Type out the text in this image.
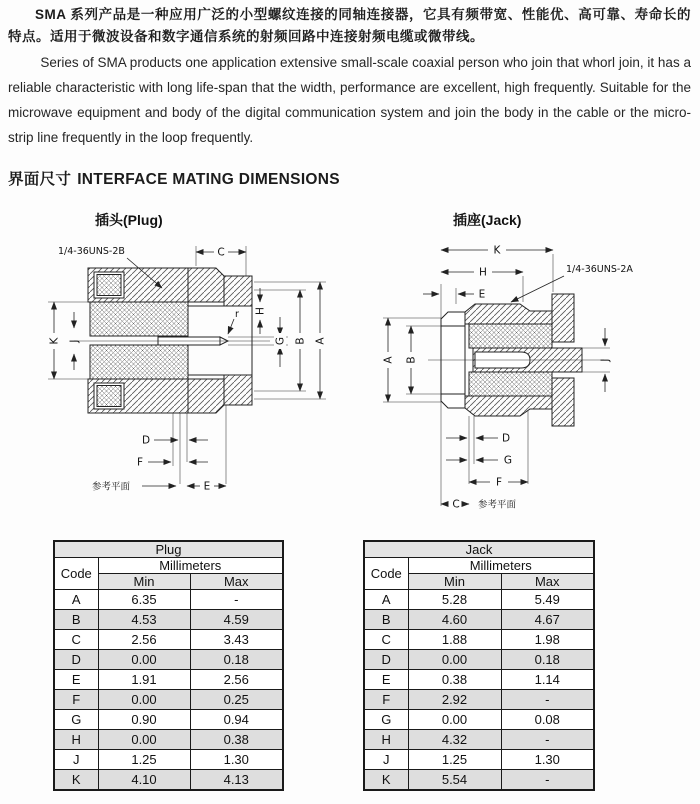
SMA 系列产品是一种应用广泛的小型螺纹连接的同轴连接器，它具有频带宽、性能优、高可靠、寿命长的特点。适用于微波设备和数字通信系统的射频回路中连接射频电缆或微带线。

Series of SMA products one application extensive small-scale coaxial person who join that whorl join, it has a reliable characteristic with long life-span that the width, performance are excellent, high frequently. Suitable for the microwave equipment and body of the digital communication system and join the body in the cable or the micro-strip line frequently in the loop frequently.

界面尺寸 INTERFACE MATING DIMENSIONS
插头(Plug)	插座(Jack)
1/4-36UNS-2B	C
A
B
G
H
K J
D
F
E
参考平面
r
1/4-36UNS-2A
K
H
E
A B	J
D
G
F
C 参考平面
Plug		
Code	Millimeters	
	Min	Max
A	6.35	-
B	4.53	4.59
C	2.56	3.43
D	0.00	0.18
E	1.91	2.56
F	0.00	0.25
G	0.90	0.94
H	0.00	0.38
J	1.25	1.30
K	4.10	4.13
Jack		
Code	Millimeters	
	Min	Max
A	5.28	5.49
B	4.60	4.67
C	1.88	1.98
D	0.00	0.18
E	0.38	1.14
F	2.92	-
G	0.00	0.08
H	4.32	-
J	1.25	1.30
K	5.54	-
